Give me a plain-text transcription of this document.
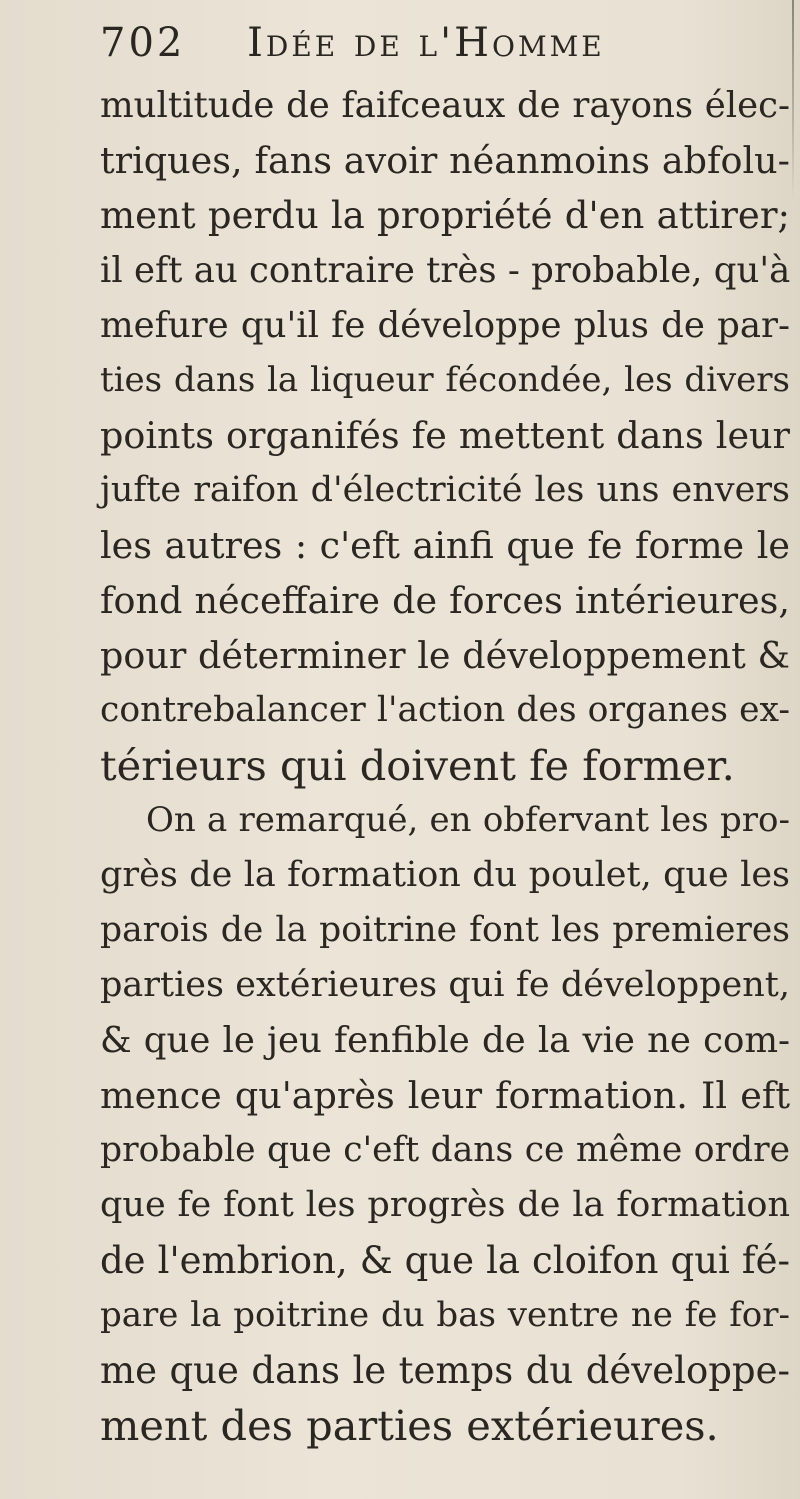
702 Idée de l'Homme
multitude de faifceaux de rayons élec-
triques, fans avoir néanmoins abfolu-
ment perdu la propriété d'en attirer;
il eft au contraire très - probable, qu'à
mefure qu'il fe développe plus de par-
ties dans la liqueur fécondée, les divers
points organifés fe mettent dans leur
jufte raifon d'électricité les uns envers
les autres : c'eft ainfi que fe forme le
fond néceffaire de forces intérieures,
pour déterminer le développement &
contrebalancer l'action des organes ex-
térieurs qui doivent fe former.
On a remarqué, en obfervant les pro-
grès de la formation du poulet, que les
parois de la poitrine font les premieres
parties extérieures qui fe développent,
& que le jeu fenfible de la vie ne com-
mence qu'après leur formation. Il eft
probable que c'eft dans ce même ordre
que fe font les progrès de la formation
de l'embrion, & que la cloifon qui fé-
pare la poitrine du bas ventre ne fe for-
me que dans le temps du développe-
ment des parties extérieures.
